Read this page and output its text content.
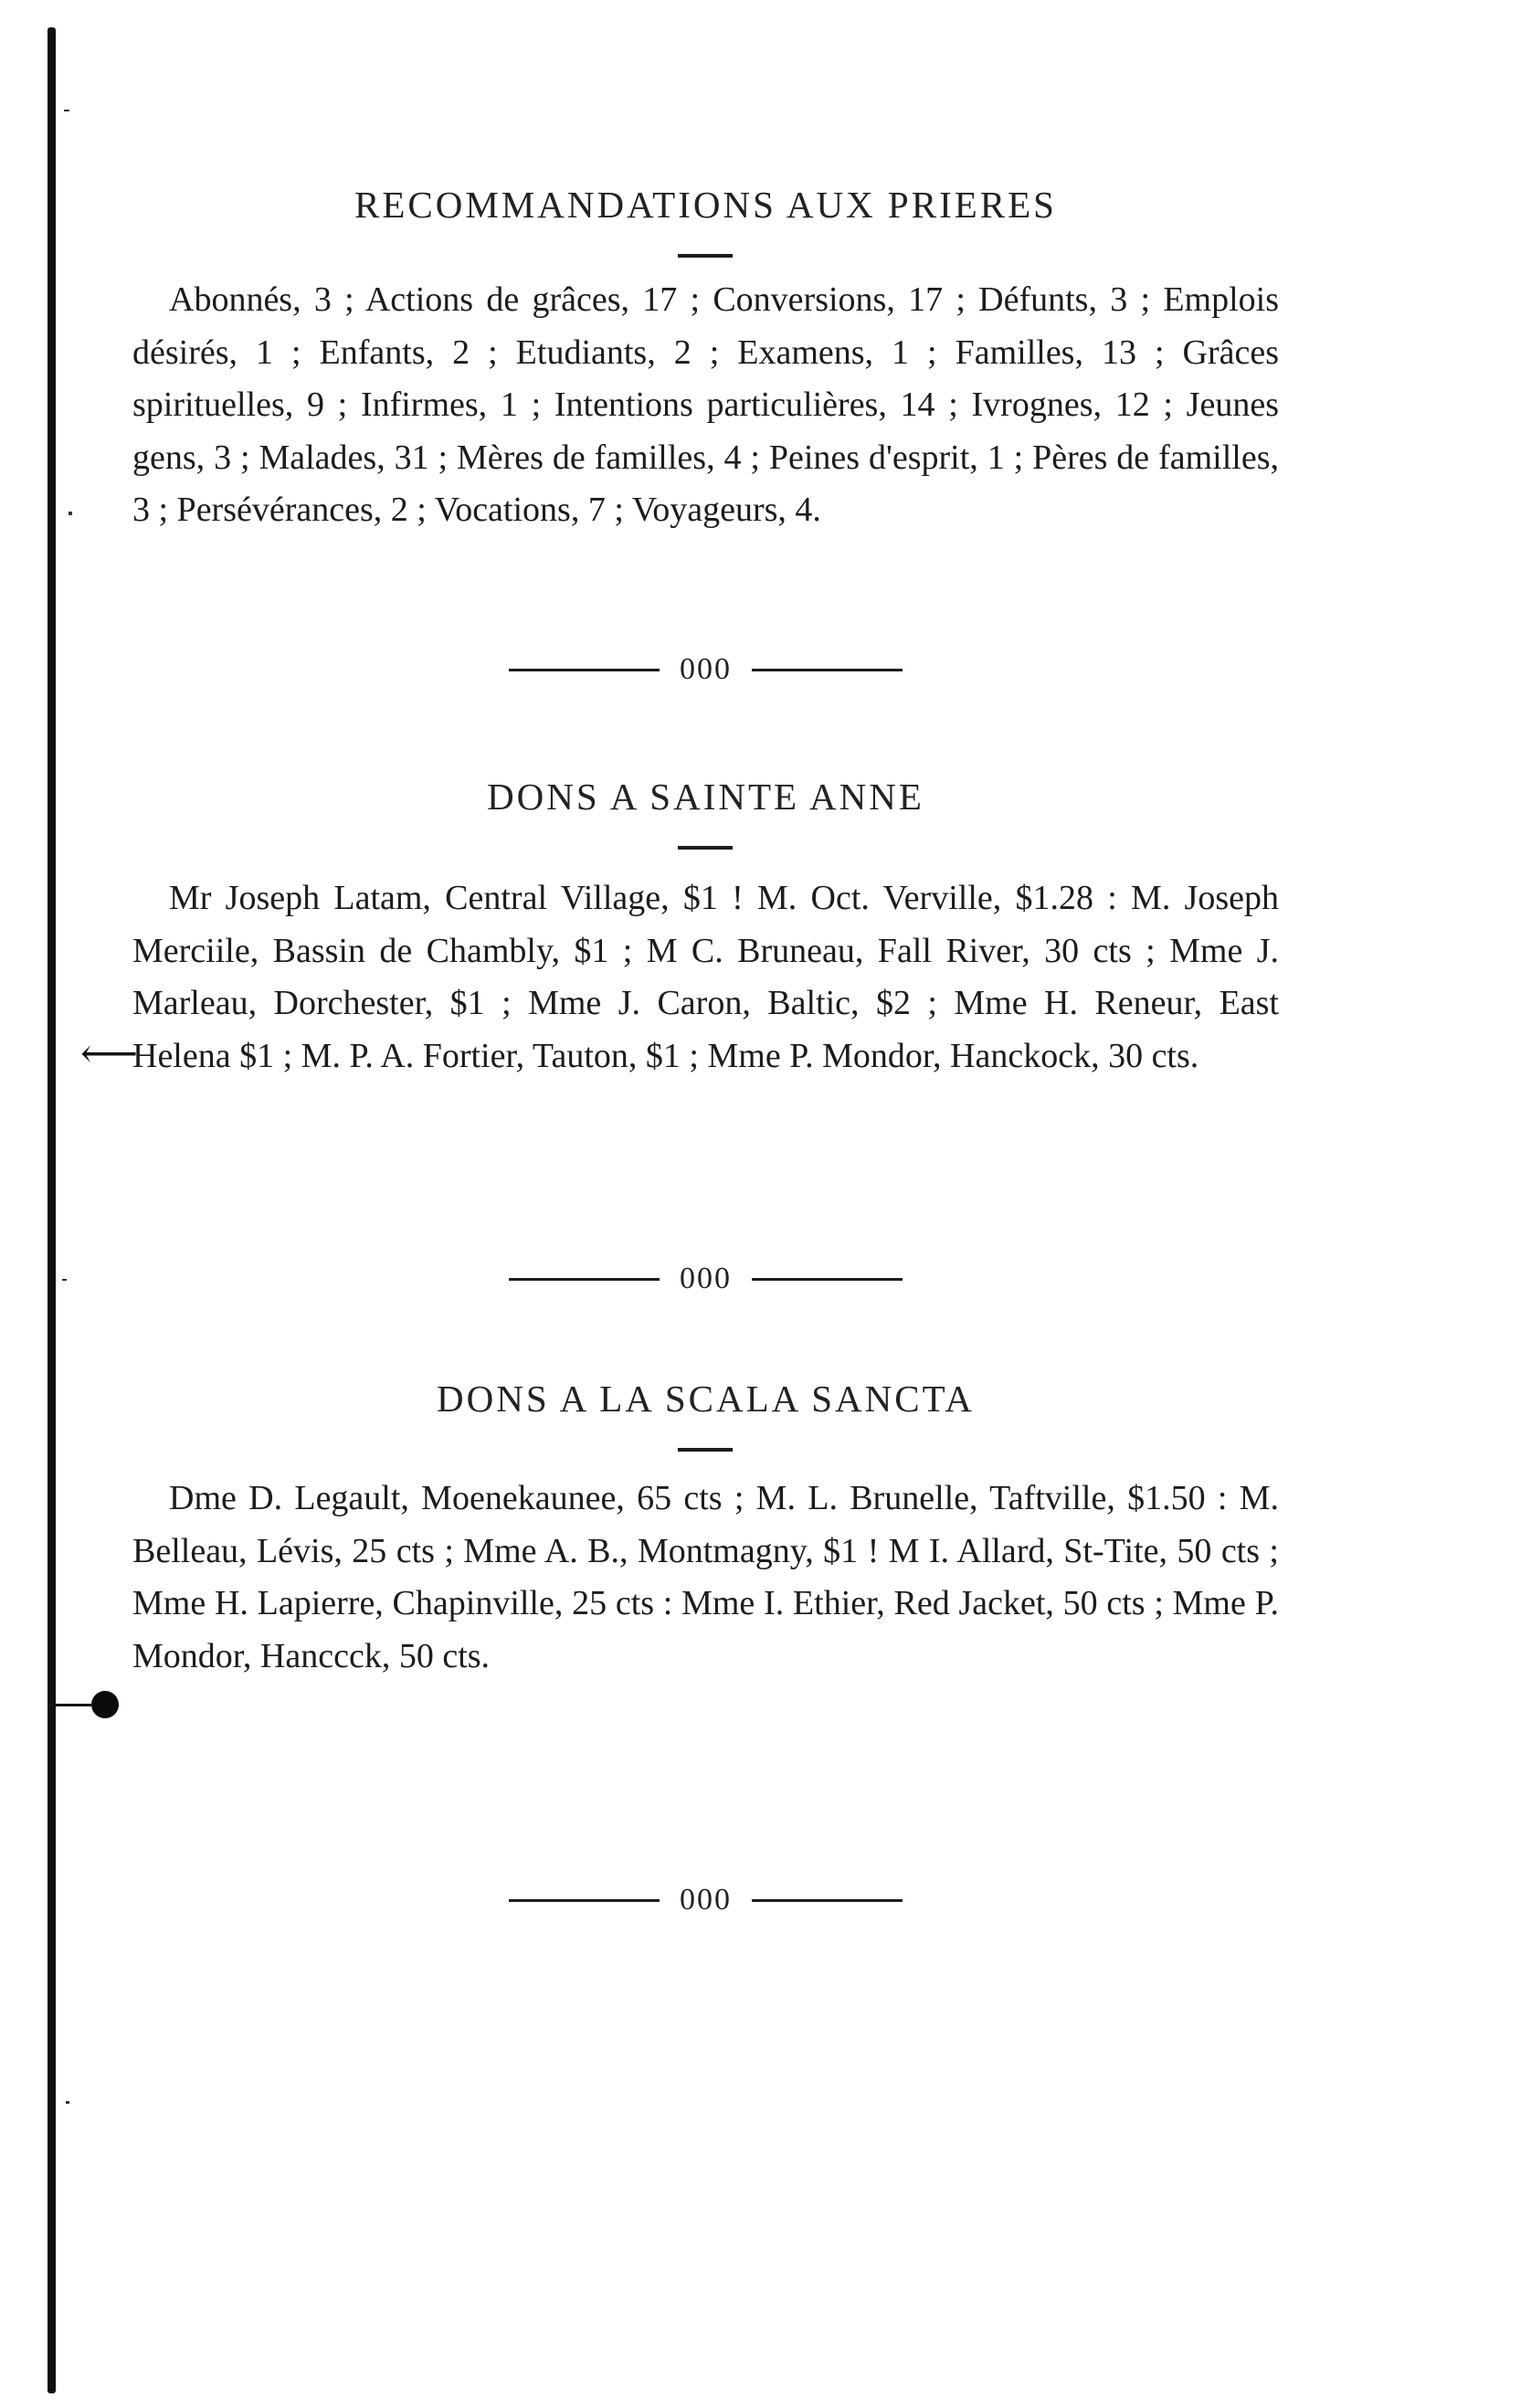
⟵
RECOMMANDATIONS AUX PRIERES

Abonnés, 3 ; Actions de grâces, 17 ; Conversions, 17 ; Défunts, 3 ; Emplois désirés, 1 ; Enfants, 2 ; Etudiants, 2 ; Examens, 1 ; Familles, 13 ; Grâces spirituelles, 9 ; Infirmes, 1 ; Intentions particulières, 14 ; Ivrognes, 12 ; Jeunes gens, 3 ; Malades, 31 ; Mères de familles, 4 ; Peines d'esprit, 1 ; Pères de familles, 3 ; Persévérances, 2 ; Vocations, 7 ; Voyageurs, 4.

000
DONS A SAINTE ANNE

Mr Joseph Latam, Central Village, $1 ! M. Oct. Verville, $1.28 : M. Joseph Merciile, Bassin de Chambly, $1 ; M C. Bruneau, Fall River, 30 cts ; Mme J. Marleau, Dorchester, $1 ; Mme J. Caron, Baltic, $2 ; Mme H. Reneur, East Helena $1 ; M. P. A. Fortier, Tauton, $1 ; Mme P. Mondor, Hanckock, 30 cts.

000
DONS A LA SCALA SANCTA

Dme D. Legault, Moenekaunee, 65 cts ; M. L. Brunelle, Taftville, $1.50 : M. Belleau, Lévis, 25 cts ; Mme A. B., Montmagny, $1 ! M I. Allard, St-Tite, 50 cts ; Mme H. Lapierre, Chapinville, 25 cts : Mme I. Ethier, Red Jacket, 50 cts ; Mme P. Mondor, Hanccck, 50 cts.

000
